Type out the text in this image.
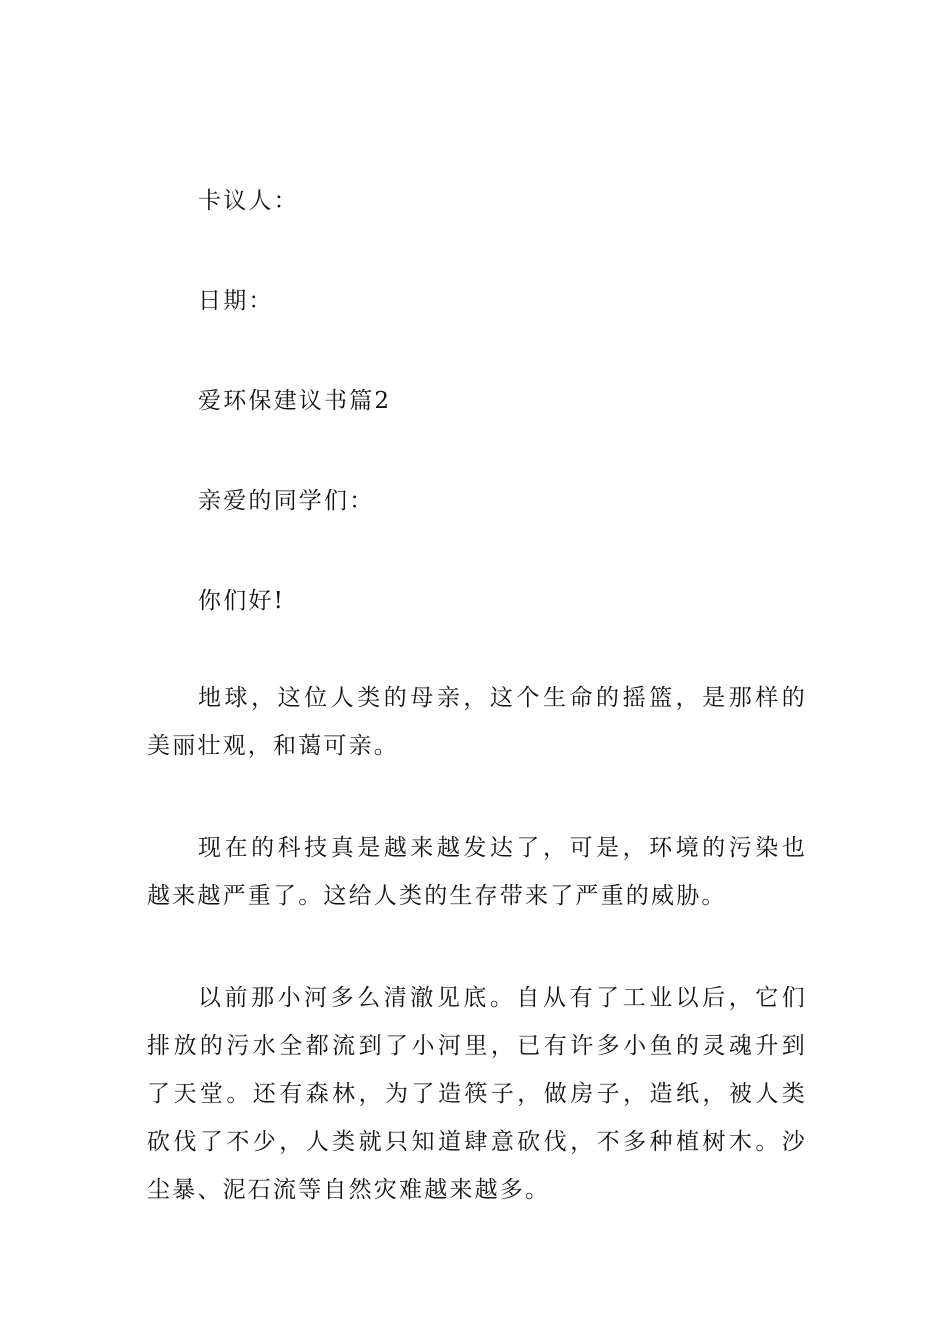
卡议人：
日期：
爱环保建议书篇2
亲爱的同学们：
你们好!
地球，这位人类的母亲，这个生命的摇篮，是那样的
美丽壮观，和蔼可亲。
现在的科技真是越来越发达了，可是，环境的污染也
越来越严重了。这给人类的生存带来了严重的威胁。
以前那小河多么清澈见底。自从有了工业以后，它们
排放的污水全都流到了小河里，已有许多小鱼的灵魂升到
了天堂。还有森林，为了造筷子，做房子，造纸，被人类
砍伐了不少，人类就只知道肆意砍伐，不多种植树木。沙
尘暴、泥石流等自然灾难越来越多。
